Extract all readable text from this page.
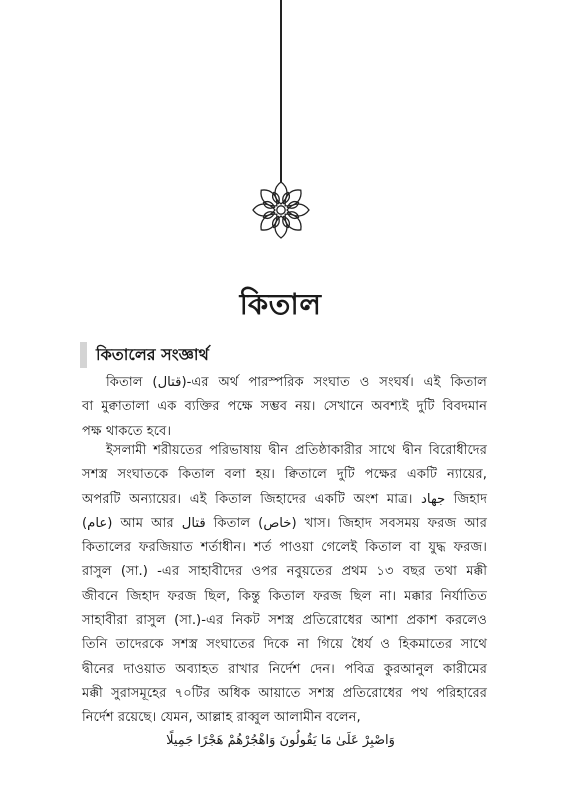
কিতাল
কিতালের সংজ্ঞার্থ
কিতাল (قتال)-এর অর্থ পারস্পরিক সংঘাত ও সংঘর্ষ। এই কিতাল
বা মুক্বাতালা এক ব্যক্তির পক্ষে সম্ভব নয়। সেখানে অবশ্যই দুটি বিবদমান
পক্ষ থাকতে হবে।
ইসলামী শরীয়তের পরিভাষায় দ্বীন প্রতিষ্ঠাকারীর সাথে দ্বীন বিরোধীদের
সশস্ত্র সংঘাতকে কিতাল বলা হয়। ক্বিতালে দুটি পক্ষের একটি ন্যায়ের,
অপরটি অন্যায়ের। এই কিতাল জিহাদের একটি অংশ মাত্র। جهاد জিহাদ
(عام) আম আর قتال কিতাল (خاص) খাস। জিহাদ সবসময় ফরজ আর
কিতালের ফরজিয়াত শর্তাধীন। শর্ত পাওয়া গেলেই কিতাল বা যুদ্ধ ফরজ।
রাসুল (সা.) -এর সাহাবীদের ওপর নবুয়তের প্রথম ১৩ বছর তথা মক্কী
জীবনে জিহাদ ফরজ ছিল, কিন্তু কিতাল ফরজ ছিল না। মক্কার নির্যাতিত
সাহাবীরা রাসুল (সা.)-এর নিকট সশস্ত্র প্রতিরোধের আশা প্রকাশ করলেও
তিনি তাদেরকে সশস্ত্র সংঘাতের দিকে না গিয়ে ধৈর্য ও হিকমাতের সাথে
দ্বীনের দাওয়াত অব্যাহত রাখার নির্দেশ দেন। পবিত্র কুরআনুল কারীমের
মক্কী সুরাসমূহের ৭০টির অধিক আয়াতে সশস্ত্র প্রতিরোধের পথ পরিহারের
নির্দেশ রয়েছে। যেমন, আল্লাহ রাব্বুল আলামীন বলেন,
وَاصْبِرْ عَلَىٰ مَا يَقُولُونَ وَاهْجُرْهُمْ هَجْرًا جَمِيلًا
